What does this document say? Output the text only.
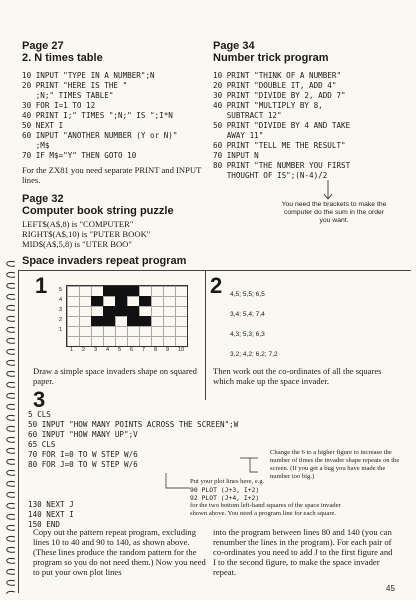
Page 27
2. N times table
10 INPUT "TYPE IN A NUMBER";N
20 PRINT "HERE IS THE "
;N;" TIMES TABLE"
30 FOR I=1 TO 12
40 PRINT I;" TIMES ";N;" IS ";I*N
50 NEXT I
60 INPUT "ANOTHER NUMBER (Y or N)"
;M$
70 IF M$="Y" THEN GOTO 10
For the ZX81 you need separate PRINT and INPUT lines.
Page 32
Computer book string puzzle
LEFT$(A$,8) is "COMPUTER"
RIGHT$(A$,10) is "PUTER BOOK"
MID$(A$,5,8) is "UTER BOO"
Page 34
Number trick program
10 PRINT "THINK OF A NUMBER"
20 PRINT "DOUBLE IT, ADD 4"
30 PRINT "DIVIDE BY 2, ADD 7"
40 PRINT "MULTIPLY BY 8,
SUBTRACT 12"
50 PRINT "DIVIDE BY 4 AND TAKE
AWAY 11"
60 PRINT "TELL ME THE RESULT"
70 INPUT N
80 PRINT "THE NUMBER YOU FIRST
THOUGHT OF IS";(N-4)/2
You need the brackets to make the computer do the sum in the order you want.
Space invaders repeat program
1	2
5
4
3
2
1
1 2 3 4 5 6 7 8 9 10
4,5; 5,5; 6,5
3,4; 5,4; 7,4
4,3; 5,3; 6,3
3,2; 4,2; 6,2; 7,2
Draw a simple space invaders shape on squared paper.
Then work out the co-ordinates of all the squares which make up the space invader.
3
5 CLS
50 INPUT "HOW MANY POINTS ACROSS THE SCREEN";W
60 INPUT "HOW MANY UP";V
65 CLS
70 FOR I=0 TO W STEP W/6
80 FOR J=0 TO W STEP W/6

130 NEXT J
140 NEXT I
150 END
Change the 6 to a higher figure to increase the number of times the invader shape repeats on the screen. (If you get a bug you have made the number too big.)
Put your plot lines here, e.g.
90 PLOT (J+3, I+2)
92 PLOT (J+4, I+2)
for the two bottom left-hand squares of the space invader shown above. You need a program line for each square.
Copy out the pattern repeat program, excluding lines 10 to 40 and 90 to 140, as shown above. (These lines produce the random pattern for the program so you do not need them.) Now you need to put your own plot lines
into the program between lines 80 and 140 (you can renumber the lines in the program). For each pair of co-ordinates you need to add J to the first figure and I to the second figure, to make the space invader repeat.
45
